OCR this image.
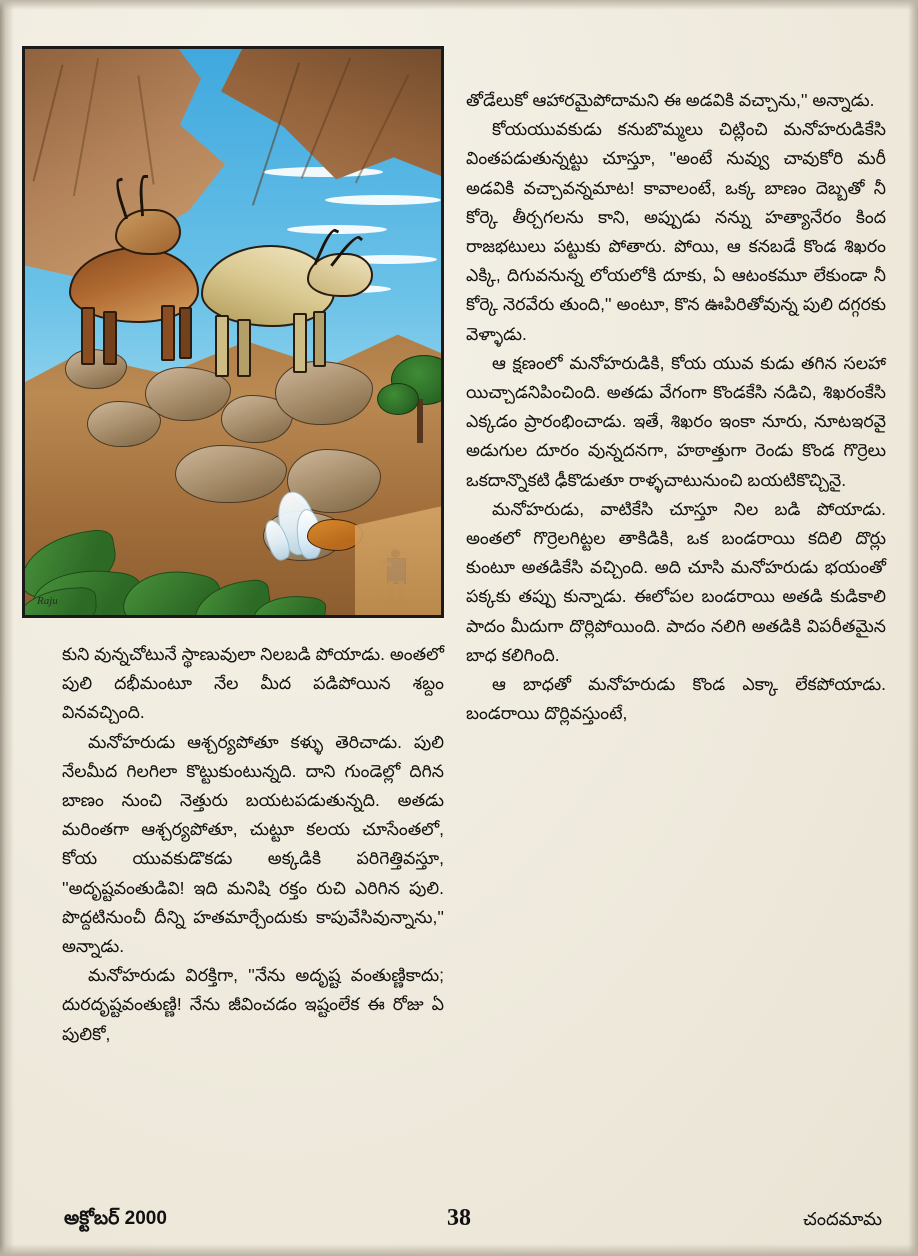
Raju

కుని వున్నచోటునే స్థాణువులా నిలబడి పోయాడు. అంతలో పులి దభీమంటూ నేల మీద పడిపోయిన శబ్దం వినవచ్చింది.

మనోహరుడు ఆశ్చర్యపోతూ కళ్ళు తెరిచాడు. పులి నేలమీద గిలగిలా కొట్టుకుంటున్నది. దాని గుండెల్లో దిగిన బాణం నుంచి నెత్తురు బయటపడుతున్నది. అతడు మరింతగా ఆశ్చర్యపోతూ, చుట్టూ కలయ చూసేంతలో, కోయ యువకుడొకడు అక్కడికి పరిగెత్తివస్తూ, ''అదృష్టవంతుడివి! ఇది మనిషి రక్తం రుచి ఎరిగిన పులి. పొద్దటినుంచీ దీన్ని హతమార్చేందుకు కాపువేసివున్నాను,'' అన్నాడు.

మనోహరుడు విరక్తిగా, ''నేను అదృష్ట వంతుణ్ణికాదు; దురదృష్టవంతుణ్ణి! నేను జీవించడం ఇష్టంలేక ఈ రోజు ఏ పులికో,

తోడేలుకో ఆహారమైపోదామని ఈ అడవికి వచ్చాను,'' అన్నాడు.

కోయయువకుడు కనుబొమ్మలు చిట్లించి మనోహరుడికేసి వింతపడుతున్నట్టు చూస్తూ, ''అంటే నువ్వు చావుకోరి మరీ అడవికి వచ్చావన్నమాట! కావాలంటే, ఒక్క బాణం దెబ్బతో నీ కోర్కె తీర్చగలను కాని, అప్పుడు నన్ను హత్యానేరం కింద రాజభటులు పట్టుకు పోతారు. పోయి, ఆ కనబడే కొండ శిఖరం ఎక్కి, దిగువనున్న లోయలోకి దూకు, ఏ ఆటంకమూ లేకుండా నీ కోర్కె నెరవేరు తుంది,'' అంటూ, కొన ఊపిరితోవున్న పులి దగ్గరకు వెళ్ళాడు.

ఆ క్షణంలో మనోహరుడికి, కోయ యువ కుడు తగిన సలహా యిచ్చాడనిపించింది. అతడు వేగంగా కొండకేసి నడిచి, శిఖరంకేసి ఎక్కడం ప్రారంభించాడు. ఇతే, శిఖరం ఇంకా నూరు, నూటఇరవై అడుగుల దూరం వున్నదనగా, హఠాత్తుగా రెండు కొండ గొర్రెలు ఒకదాన్నొకటి ఢీకొడుతూ రాళ్ళచాటునుంచి బయటికొచ్చినై.

మనోహరుడు, వాటికేసి చూస్తూ నిల బడి పోయాడు. అంతలో గొర్రెలగిట్టల తాకిడికి, ఒక బండరాయి కదిలి దొర్లు కుంటూ అతడికేసి వచ్చింది. అది చూసి మనోహరుడు భయంతో పక్కకు తప్పు కున్నాడు. ఈలోపల బండరాయి అతడి కుడికాలి పాదం మీదుగా దొర్లిపోయింది. పాదం నలిగి అతడికి విపరీతమైన బాధ కలిగింది.

ఆ బాధతో మనోహరుడు కొండ ఎక్కా లేకపోయాడు. బండరాయి దొర్లివస్తుంటే,

అక్టోబర్ 2000	38	చందమామ
